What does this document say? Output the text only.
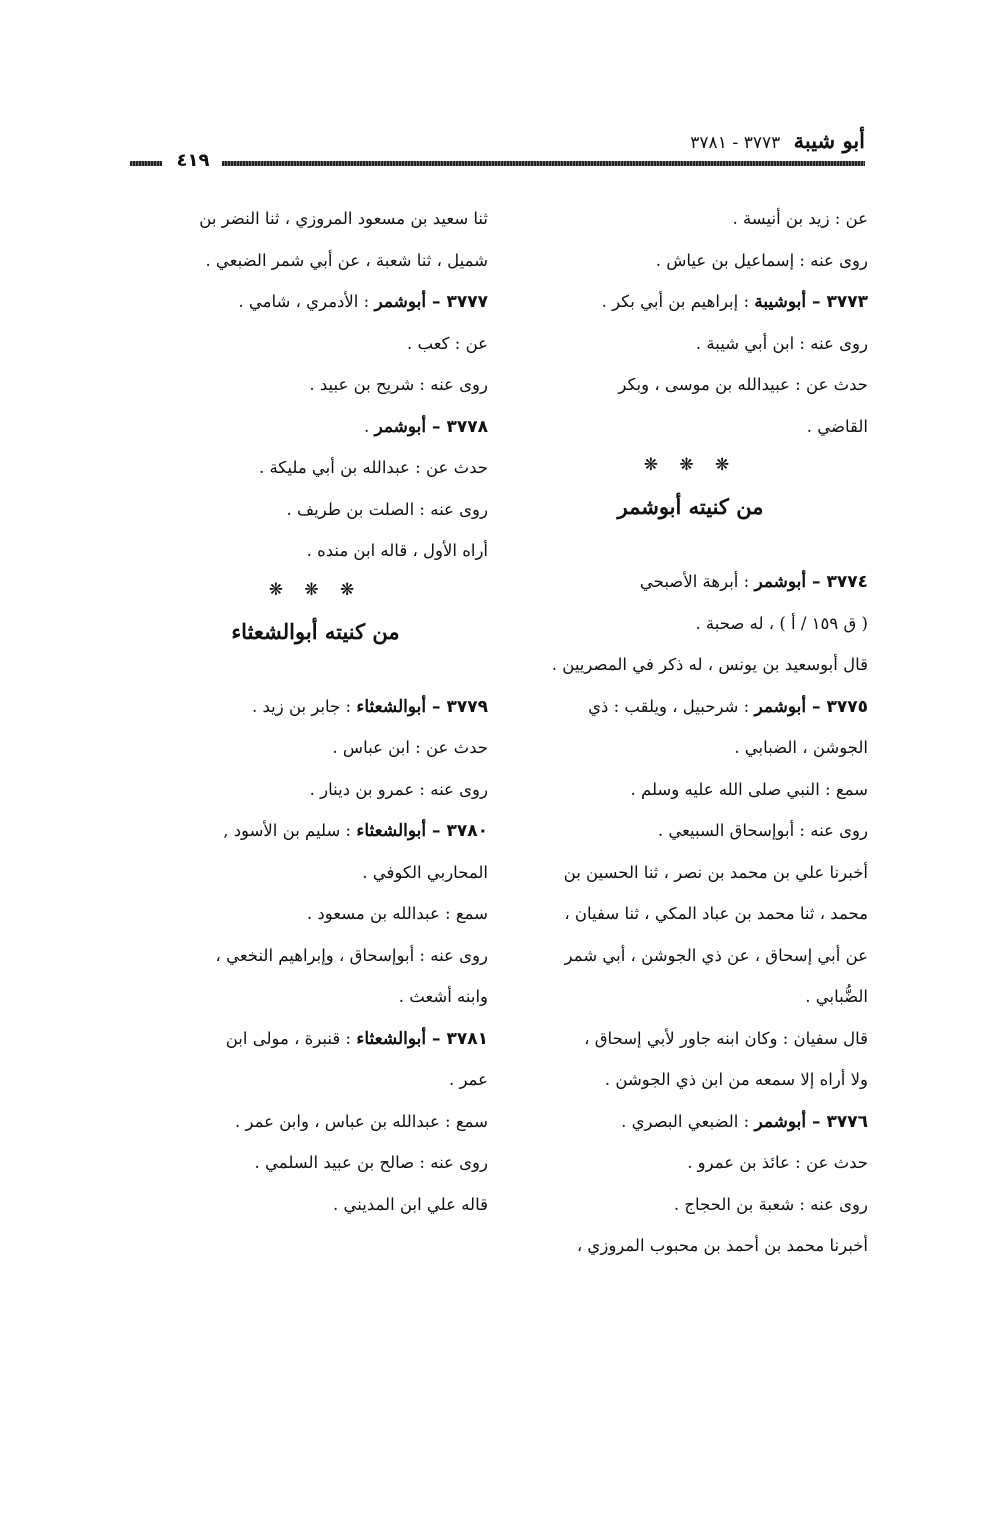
أبو شيبة ٣٧٧٣ - ٣٧٨١
٤١٩
عن : زيد بن أنيسة .
روى عنه : إسماعيل بن عياش .
٣٧٧٣ – أبوشيبة : إبراهيم بن أبي بكر .
روى عنه : ابن أبي شيبة .
حدث عن : عبيدالله بن موسى ، وبكر
القاضي .
❋ ❋ ❋
من كنيته أبوشمر
٣٧٧٤ – أبوشمر : أبرهة الأصبحي
( ق ١٥٩ / أ ) ، له صحبة .
قال أبوسعيد بن يونس ، له ذكر في المصريين .
٣٧٧٥ – أبوشمر : شرحبيل ، ويلقب : ذي
الجوشن ، الضبابي .
سمع : النبي صلى الله عليه وسلم .
روى عنه : أبوإسحاق السبيعي .
أخبرنا علي بن محمد بن نصر ، ثنا الحسين بن
محمد ، ثنا محمد بن عباد المكي ، ثنا سفيان ،
عن أبي إسحاق ، عن ذي الجوشن ، أبي شمر
الضُّبابي .
قال سفيان : وكان ابنه جاور لأبي إسحاق ،
ولا أراه إلا سمعه من ابن ذي الجوشن .
٣٧٧٦ – أبوشمر : الضبعي البصري .
حدث عن : عائذ بن عمرو .
روى عنه : شعبة بن الحجاج .
أخبرنا محمد بن أحمد بن محبوب المروزي ،
ثنا سعيد بن مسعود المروزي ، ثنا النضر بن
شميل ، ثنا شعبة ، عن أبي شمر الضبعي .
٣٧٧٧ – أبوشمر : الأدمري ، شامي .
عن : كعب .
روى عنه : شريح بن عبيد .
٣٧٧٨ – أبوشمر .
حدث عن : عبدالله بن أبي مليكة .
روى عنه : الصلت بن طريف .
أراه الأول ، قاله ابن منده .
❋ ❋ ❋
من كنيته أبوالشعثاء
٣٧٧٩ – أبوالشعثاء : جابر بن زيد .
حدث عن : ابن عباس .
روى عنه : عمرو بن دينار .
٣٧٨٠ – أبوالشعثاء : سليم بن الأسود ,
المحاربي الكوفي .
سمع : عبدالله بن مسعود .
روى عنه : أبوإسحاق ، وإبراهيم النخعي ،
وابنه أشعث .
٣٧٨١ – أبوالشعثاء : قنبرة ، مولى ابن
عمر .
سمع : عبدالله بن عباس ، وابن عمر .
روى عنه : صالح بن عبيد السلمي .
قاله علي ابن المديني .
